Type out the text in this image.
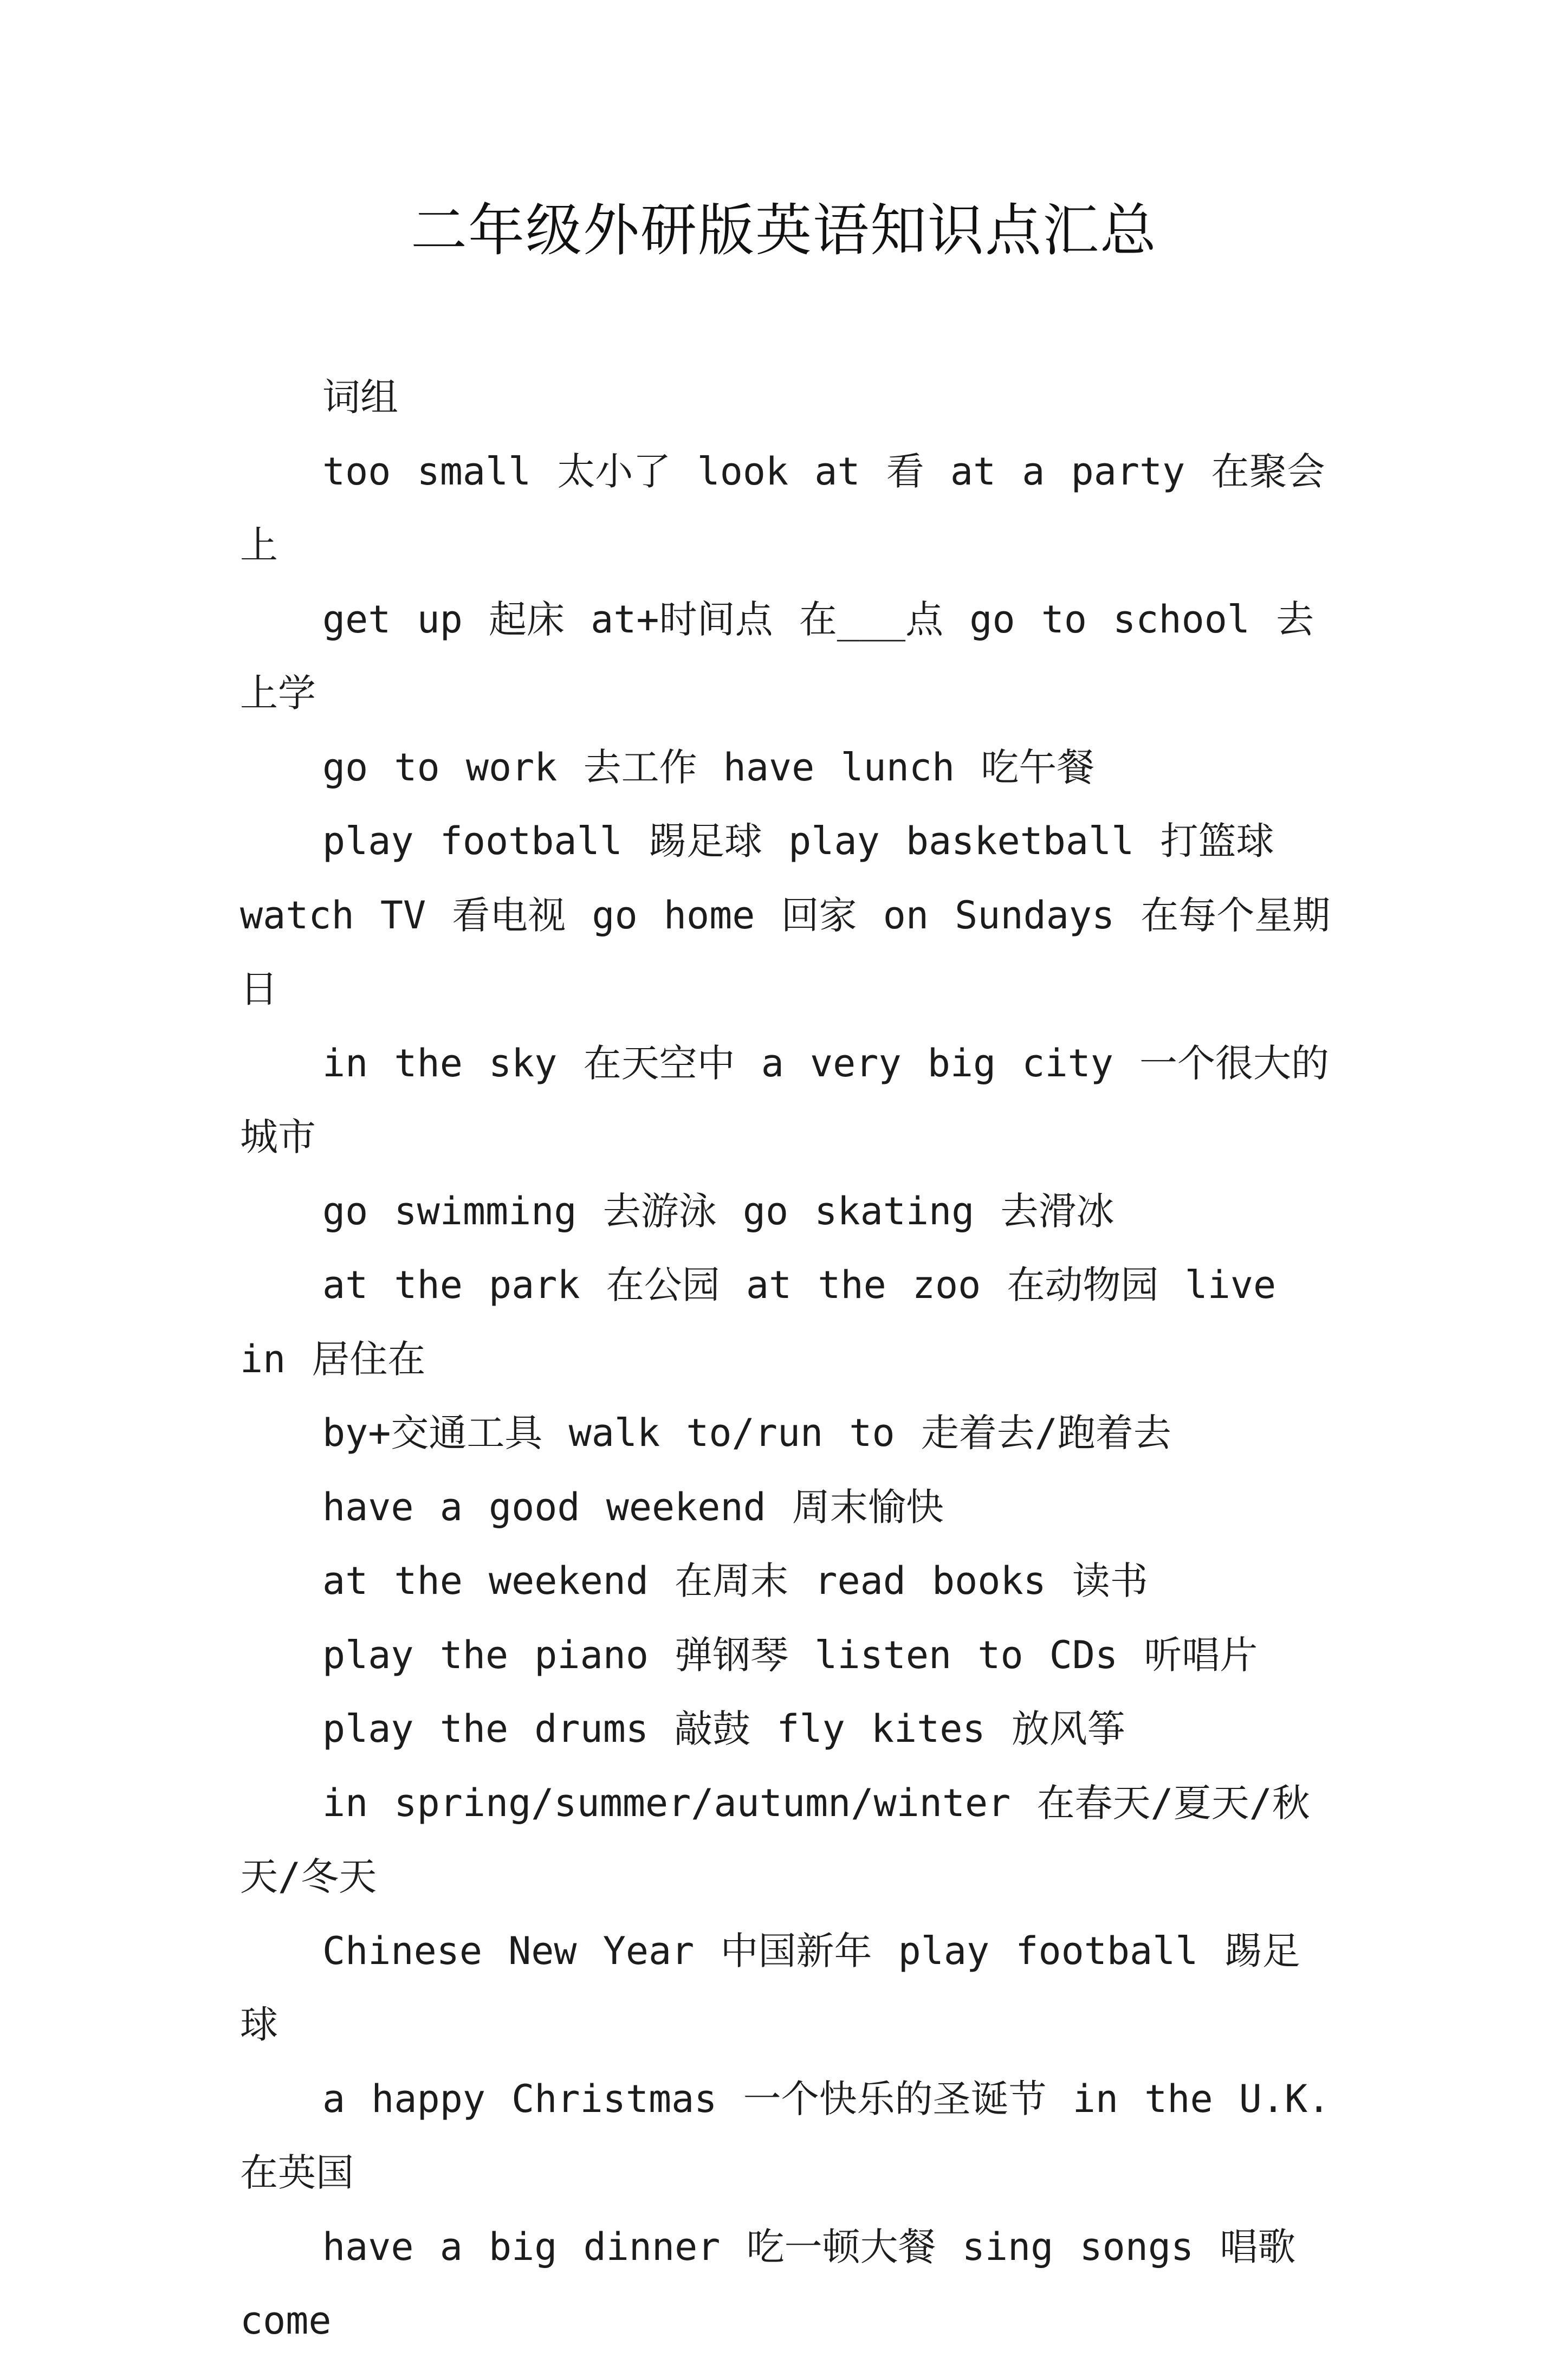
二年级外研版英语知识点汇总
词组
too small 太小了 look at 看 at a party 在聚会上
get up 起床 at+时间点 在___点 go to school 去上学
go to work 去工作 have lunch 吃午餐
play football 踢足球 play basketball 打篮球 watch TV 看电视 go home 回家 on Sundays 在每个星期日
in the sky 在天空中 a very big city 一个很大的城市
go swimming 去游泳 go skating 去滑冰
at the park 在公园 at the zoo 在动物园 live in 居住在
by+交通工具 walk to/run to 走着去/跑着去
have a good weekend 周末愉快
at the weekend 在周末 read books 读书
play the piano 弹钢琴 listen to CDs 听唱片
play the drums 敲鼓 fly kites 放风筝
in spring/summer/autumn/winter 在春天/夏天/秋天/冬天
Chinese New Year 中国新年 play football 踢足球
a happy Christmas 一个快乐的圣诞节 in the U.K. 在英国
have a big dinner 吃一顿大餐 sing songs 唱歌 come
